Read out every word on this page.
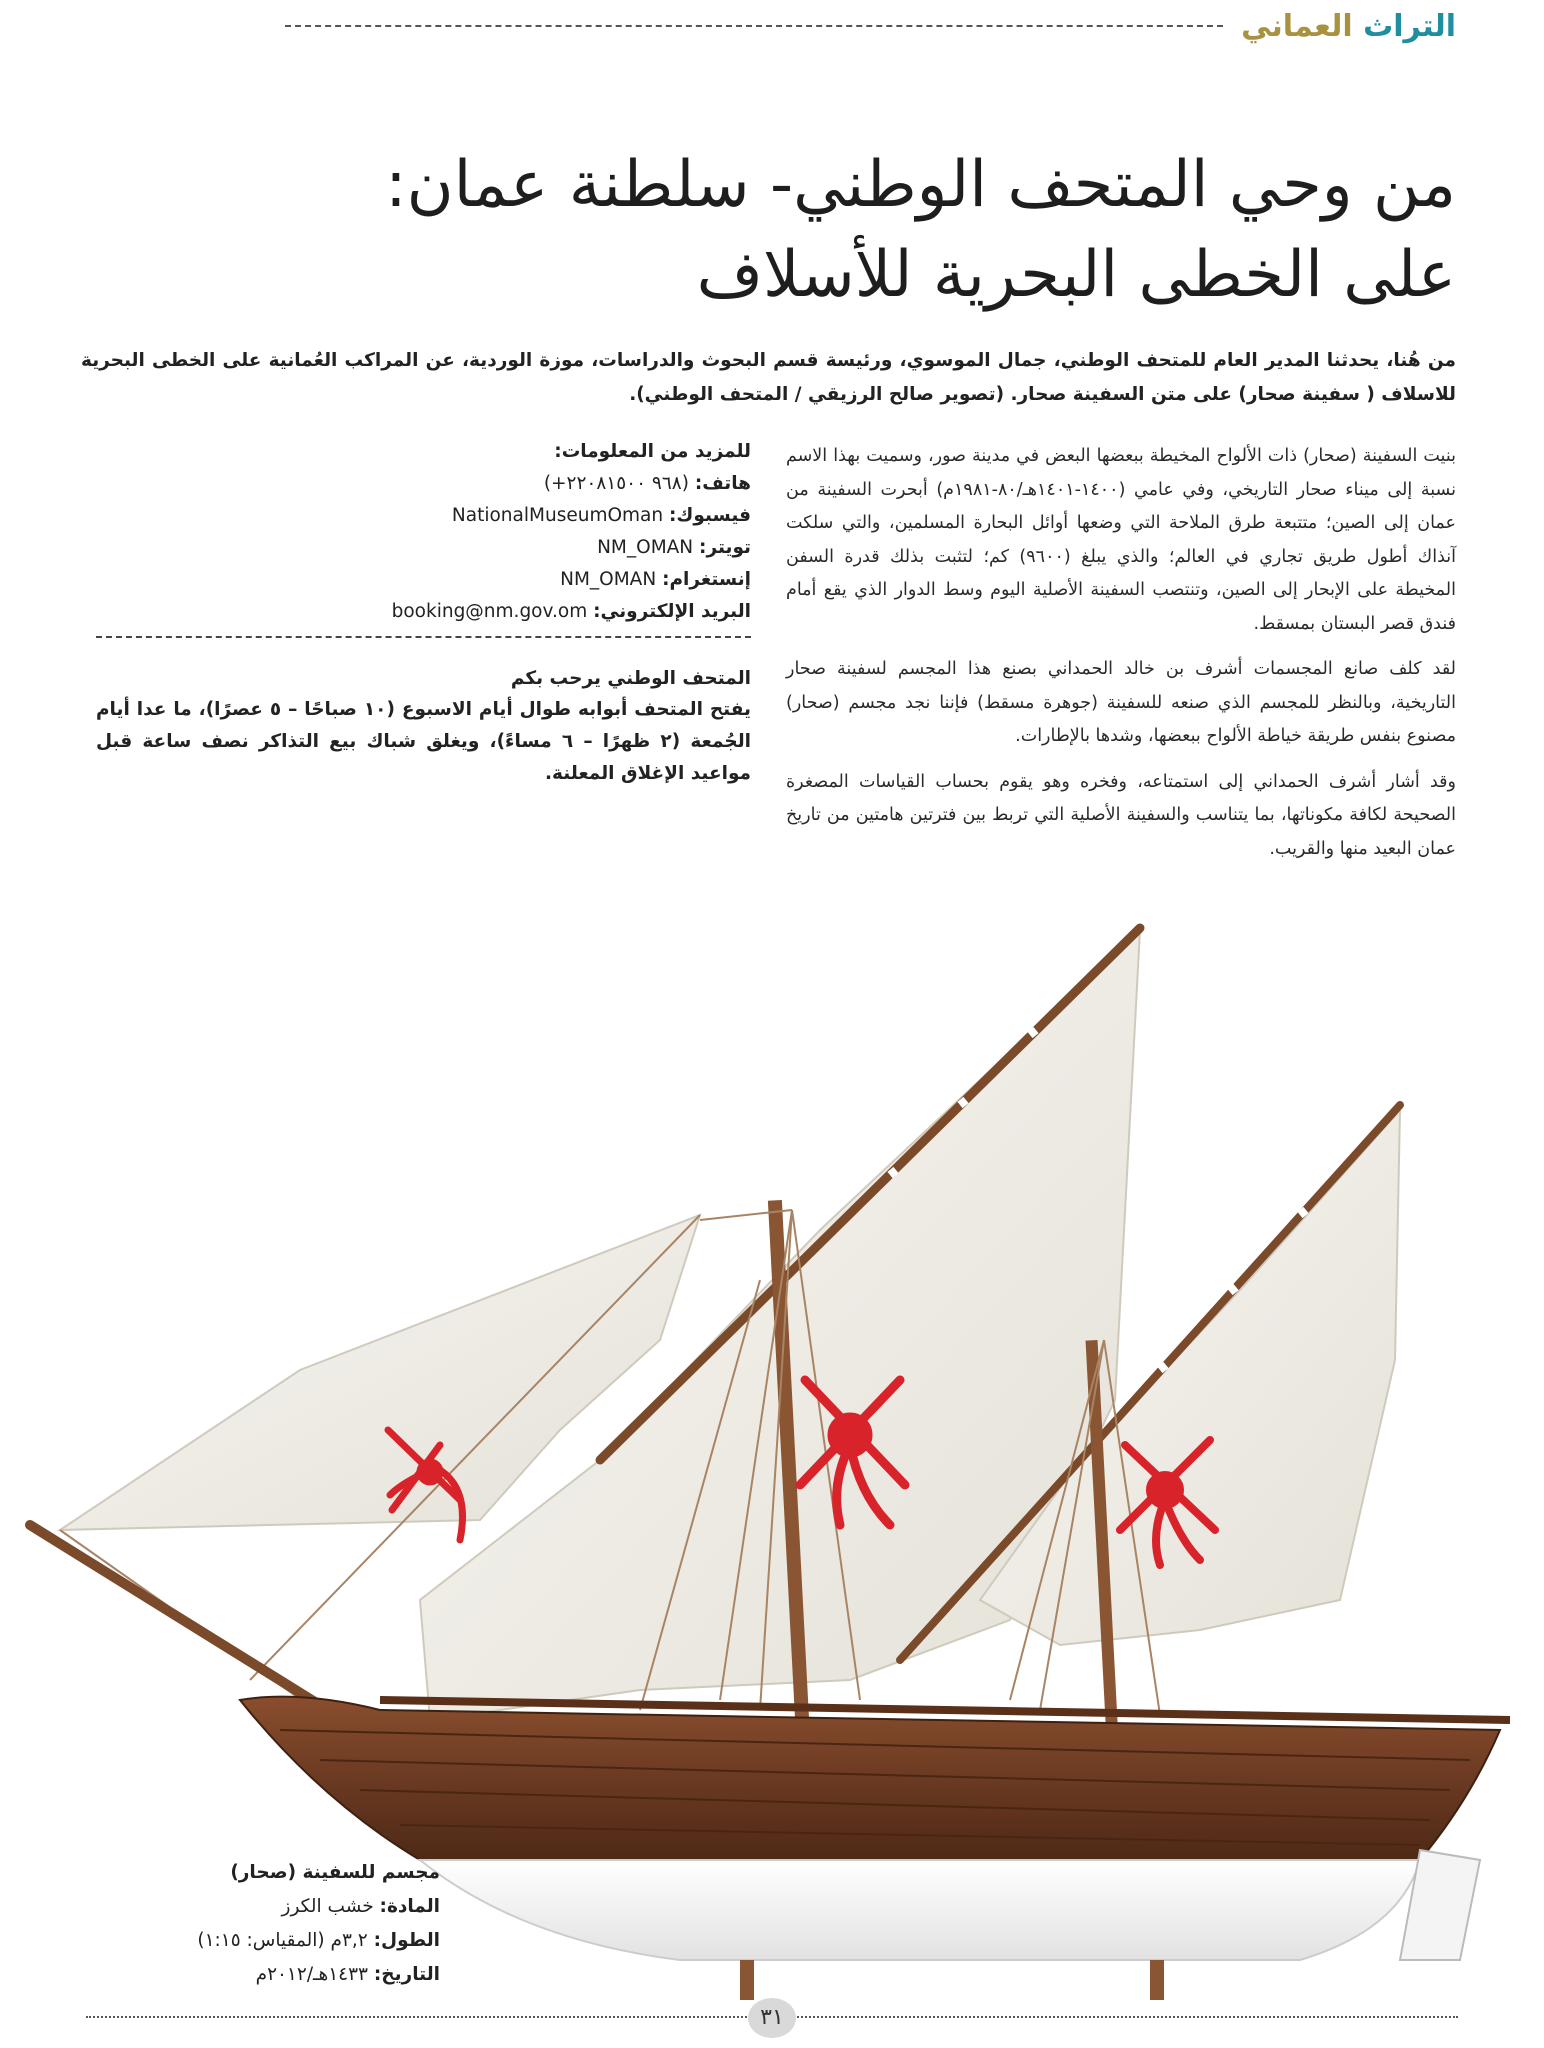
التراث العماني
من وحي المتحف الوطني- سلطنة عمان:
على الخطى البحرية للأسلاف

من هُنا، يحدثنا المدير العام للمتحف الوطني، جمال الموسوي، ورئيسة قسم البحوث والدراسات، موزة الوردية، عن المراكب العُمانية على الخطى البحرية للاسلاف ( سفينة صحار) على متن السفينة صحار. (تصوير صالح الرزيقي / المتحف الوطني).

بنيت السفينة (صحار) ذات الألواح المخيطة ببعضها البعض في مدينة صور، وسميت بهذا الاسم نسبة إلى ميناء صحار التاريخي، وفي عامي (١٤٠٠-١٤٠١هـ/٨٠-١٩٨١م) أبحرت السفينة من عمان إلى الصين؛ متتبعة طرق الملاحة التي وضعها أوائل البحارة المسلمين، والتي سلكت آنذاك أطول طريق تجاري في العالم؛ والذي يبلغ (٩٦٠٠) كم؛ لتثبت بذلك قدرة السفن المخيطة على الإبحار إلى الصين، وتنتصب السفينة الأصلية اليوم وسط الدوار الذي يقع أمام فندق قصر البستان بمسقط.

لقد كلف صانع المجسمات أشرف بن خالد الحمداني بصنع هذا المجسم لسفينة صحار التاريخية، وبالنظر للمجسم الذي صنعه للسفينة (جوهرة مسقط) فإننا نجد مجسم (صحار) مصنوع بنفس طريقة خياطة الألواح ببعضها، وشدها بالإطارات.

وقد أشار أشرف الحمداني إلى استمتاعه، وفخره وهو يقوم بحساب القياسات المصغرة الصحيحة لكافة مكوناتها، بما يتناسب والسفينة الأصلية التي تربط بين فترتين هامتين من تاريخ عمان البعيد منها والقريب.

للمزيد من المعلومات:
هاتف: (+٩٦٨ ٢٢٠٨١٥٠٠)
فيسبوك: NationalMuseumOman
تويتر: NM_OMAN
إنستغرام: NM_OMAN
البريد الإلكتروني: booking@nm.gov.om
المتحف الوطني يرحب بكم
يفتح المتحف أبوابه طوال أيام الاسبوع (١٠ صباحًا – ٥ عصرًا)، ما عدا أيام الجُمعة (٢ ظهرًا – ٦ مساءً)، ويغلق شباك بيع التذاكر نصف ساعة قبل مواعيد الإغلاق المعلنة.
مجسم للسفينة (صحار)
المادة: خشب الكرز
الطول: ٣,٢م (المقياس: ١:١٥)
التاريخ: ١٤٣٣هـ/٢٠١٢م
٣١
